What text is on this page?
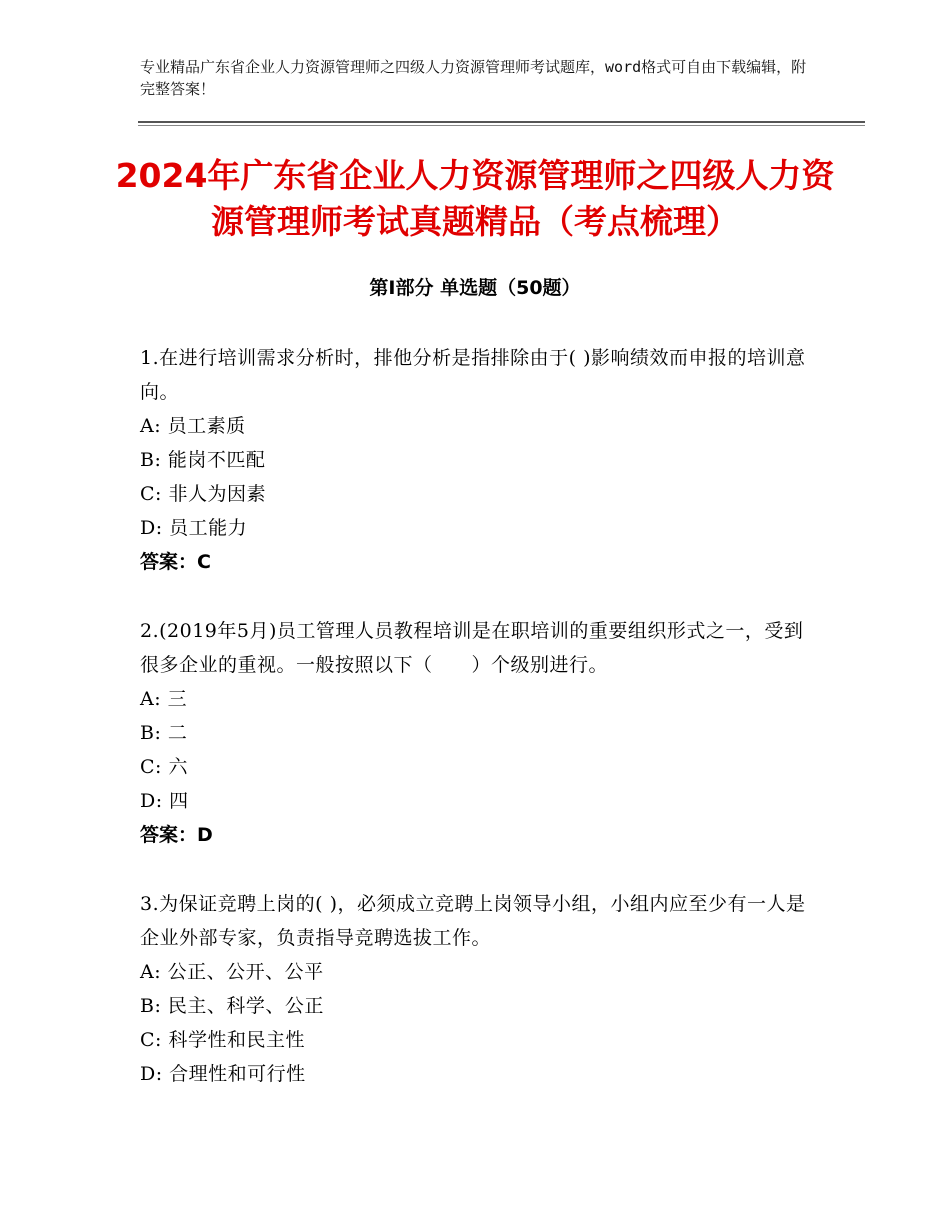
专业精品广东省企业人力资源管理师之四级人力资源管理师考试题库，word格式可自由下载编辑，附完整答案！
2024年广东省企业人力资源管理师之四级人力资源管理师考试真题精品（考点梳理）
第Ⅰ部分 单选题（50题）
1.在进行培训需求分析时，排他分析是指排除由于( )影响绩效而申报的培训意向。
A: 员工素质
B: 能岗不匹配
C: 非人为因素
D: 员工能力
答案：C
2.(2019年5月)员工管理人员教程培训是在职培训的重要组织形式之一，受到很多企业的重视。一般按照以下（　　）个级别进行。
A: 三
B: 二
C: 六
D: 四
答案：D
3.为保证竞聘上岗的( )，必须成立竞聘上岗领导小组，小组内应至少有一人是企业外部专家，负责指导竞聘选拔工作。
A: 公正、公开、公平
B: 民主、科学、公正
C: 科学性和民主性
D: 合理性和可行性
